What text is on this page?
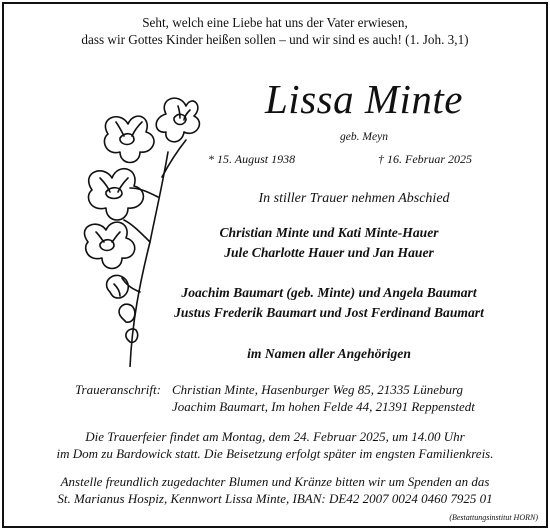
Seht, welch eine Liebe hat uns der Vater erwiesen,
dass wir Gottes Kinder heißen sollen – und wir sind es auch! (1. Joh. 3,1)
Lissa Minte
geb. Meyn
* 15. August 1938	† 16. Februar 2025
In stiller Trauer nehmen Abschied
Christian Minte und Kati Minte-Hauer
Jule Charlotte Hauer und Jan Hauer
Joachim Baumart (geb. Minte) und Angela Baumart
Justus Frederik Baumart und Jost Ferdinand Baumart
im Namen aller Angehörigen
Traueranschrift: Christian Minte, Hasenburger Weg 85, 21335 Lüneburg
Joachim Baumart, Im hohen Felde 44, 21391 Reppenstedt
Die Trauerfeier findet am Montag, dem 24. Februar 2025, um 14.00 Uhr
im Dom zu Bardowick statt. Die Beisetzung erfolgt später im engsten Familienkreis.
Anstelle freundlich zugedachter Blumen und Kränze bitten wir um Spenden an das
St. Marianus Hospiz, Kennwort Lissa Minte, IBAN: DE42 2007 0024 0460 7925 01
(Bestattungsinstitut HORN)
